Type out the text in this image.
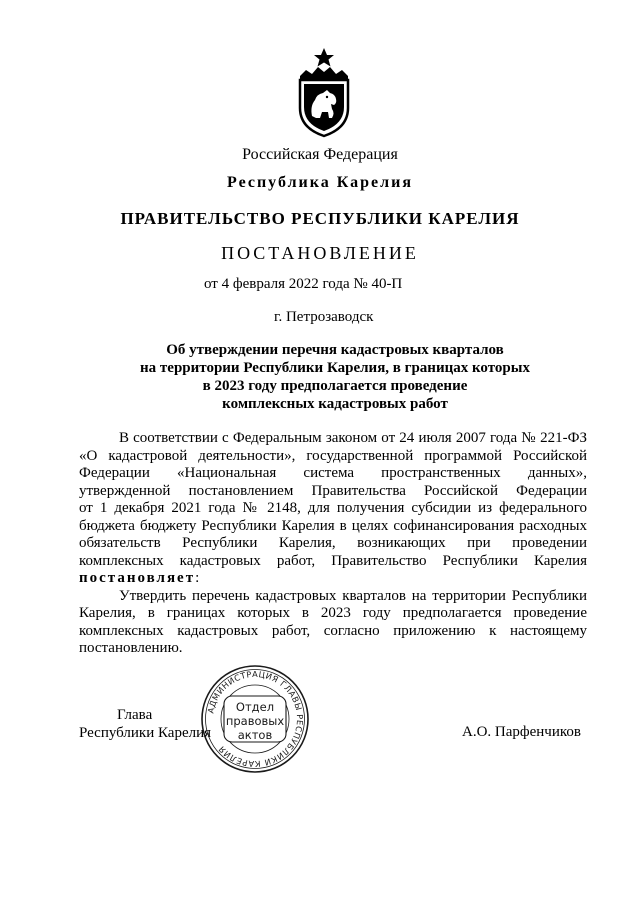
Российская Федерация
Республика Карелия
ПРАВИТЕЛЬСТВО РЕСПУБЛИКИ КАРЕЛИЯ
ПОСТАНОВЛЕНИЕ
от 4 февраля 2022 года № 40-П
г. Петрозаводск
Об утверждении перечня кадастровых кварталов
на территории Республики Карелия, в границах которых
в 2023 году предполагается проведение
комплексных кадастровых работ
В соответствии с Федеральным законом от 24 июля 2007 года № 221-ФЗ
«О кадастровой деятельности», государственной программой Российской
Федерации «Национальная система пространственных данных»,
утвержденной постановлением Правительства Российской Федерации
от 1 декабря 2021 года № 2148, для получения субсидии из федерального
бюджета бюджету Республики Карелия в целях софинансирования расходных
обязательств Республики Карелия, возникающих при проведении
комплексных кадастровых работ, Правительство Республики Карелия
постановляет:
Утвердить перечень кадастровых кварталов на территории Республики
Карелия, в границах которых в 2023 году предполагается проведение
комплексных кадастровых работ, согласно приложению к настоящему
постановлению.
Глава
Республики Карелия	А.О. Парфенчиков
АДМИНИСТРАЦИЯ ГЛАВЫ РЕСПУБЛИКИ КАРЕЛИЯ
Отдел
правовых
актов
